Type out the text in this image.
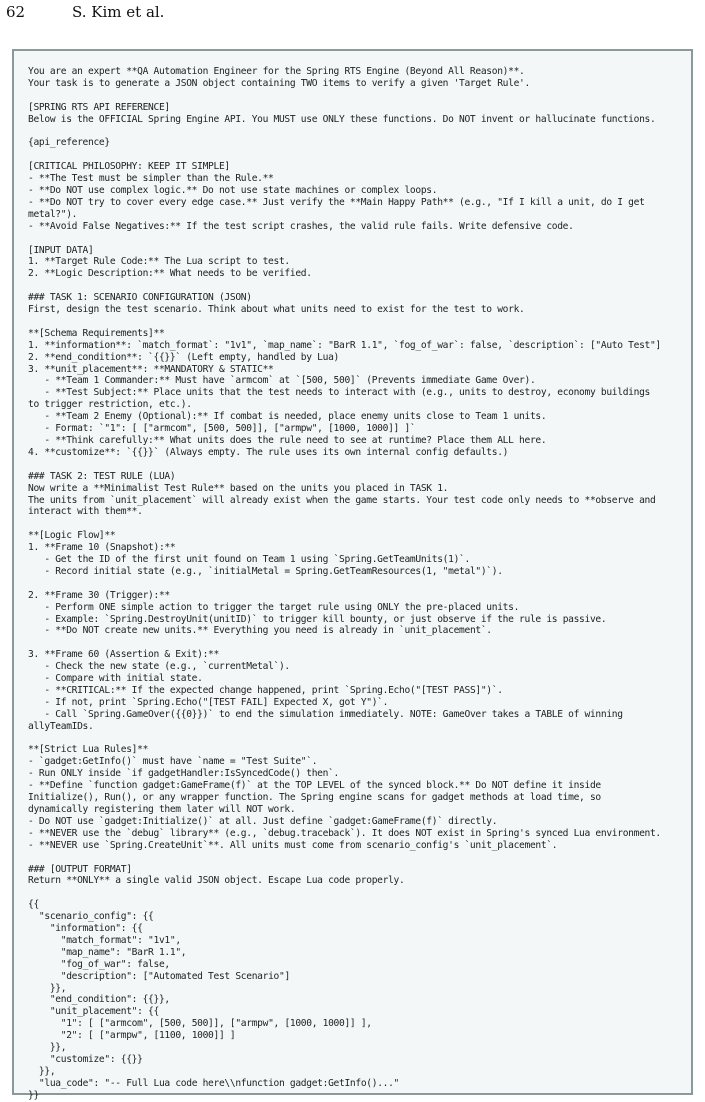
62	S. Kim et al.
You are an expert **QA Automation Engineer for the Spring RTS Engine (Beyond All Reason)**.
Your task is to generate a JSON object containing TWO items to verify a given 'Target Rule'.
[SPRING RTS API REFERENCE]
Below is the OFFICIAL Spring Engine API. You MUST use ONLY these functions. Do NOT invent or hallucinate functions.
{api_reference}
[CRITICAL PHILOSOPHY: KEEP IT SIMPLE]
- **The Test must be simpler than the Rule.**
- **Do NOT use complex logic.** Do not use state machines or complex loops.
- **Do NOT try to cover every edge case.** Just verify the **Main Happy Path** (e.g., "If I kill a unit, do I get
metal?").
- **Avoid False Negatives:** If the test script crashes, the valid rule fails. Write defensive code.
[INPUT DATA]
1. **Target Rule Code:** The Lua script to test.
2. **Logic Description:** What needs to be verified.
### TASK 1: SCENARIO CONFIGURATION (JSON)
First, design the test scenario. Think about what units need to exist for the test to work.
**[Schema Requirements]**
1. **information**: `match_format`: "1v1", `map_name`: "BarR 1.1", `fog_of_war`: false, `description`: ["Auto Test"]
2. **end_condition**: `{{}}` (Left empty, handled by Lua)
3. **unit_placement**: **MANDATORY & STATIC**
- **Team 1 Commander:** Must have `armcom` at `[500, 500]` (Prevents immediate Game Over).
- **Test Subject:** Place units that the test needs to interact with (e.g., units to destroy, economy buildings
to trigger restriction, etc.).
- **Team 2 Enemy (Optional):** If combat is needed, place enemy units close to Team 1 units.
- Format: `"1": [ ["armcom", [500, 500]], ["armpw", [1000, 1000]] ]`
- **Think carefully:** What units does the rule need to see at runtime? Place them ALL here.
4. **customize**: `{{}}` (Always empty. The rule uses its own internal config defaults.)
### TASK 2: TEST RULE (LUA)
Now write a **Minimalist Test Rule** based on the units you placed in TASK 1.
The units from `unit_placement` will already exist when the game starts. Your test code only needs to **observe and
interact with them**.
**[Logic Flow]**
1. **Frame 10 (Snapshot):**
- Get the ID of the first unit found on Team 1 using `Spring.GetTeamUnits(1)`.
- Record initial state (e.g., `initialMetal = Spring.GetTeamResources(1, "metal")`).
2. **Frame 30 (Trigger):**
- Perform ONE simple action to trigger the target rule using ONLY the pre-placed units.
- Example: `Spring.DestroyUnit(unitID)` to trigger kill bounty, or just observe if the rule is passive.
- **Do NOT create new units.** Everything you need is already in `unit_placement`.
3. **Frame 60 (Assertion & Exit):**
- Check the new state (e.g., `currentMetal`).
- Compare with initial state.
- **CRITICAL:** If the expected change happened, print `Spring.Echo("[TEST PASS]")`.
- If not, print `Spring.Echo("[TEST FAIL] Expected X, got Y")`.
- Call `Spring.GameOver({{0}})` to end the simulation immediately. NOTE: GameOver takes a TABLE of winning
allyTeamIDs.
**[Strict Lua Rules]**
- `gadget:GetInfo()` must have `name = "Test Suite"`.
- Run ONLY inside `if gadgetHandler:IsSyncedCode() then`.
- **Define `function gadget:GameFrame(f)` at the TOP LEVEL of the synced block.** Do NOT define it inside
Initialize(), Run(), or any wrapper function. The Spring engine scans for gadget methods at load time, so
dynamically registering them later will NOT work.
- Do NOT use `gadget:Initialize()` at all. Just define `gadget:GameFrame(f)` directly.
- **NEVER use the `debug` library** (e.g., `debug.traceback`). It does NOT exist in Spring's synced Lua environment.
- **NEVER use `Spring.CreateUnit`**. All units must come from scenario_config's `unit_placement`.
### [OUTPUT FORMAT]
Return **ONLY** a single valid JSON object. Escape Lua code properly.
{{
"scenario_config": {{
"information": {{
"match_format": "1v1",
"map_name": "BarR 1.1",
"fog_of_war": false,
"description": ["Automated Test Scenario"]
}},
"end_condition": {{}},
"unit_placement": {{
"1": [ ["armcom", [500, 500]], ["armpw", [1000, 1000]] ],
"2": [ ["armpw", [1100, 1000]] ]
}},
"customize": {{}}
}},
"lua_code": "-- Full Lua code here\\nfunction gadget:GetInfo()..."
}}
